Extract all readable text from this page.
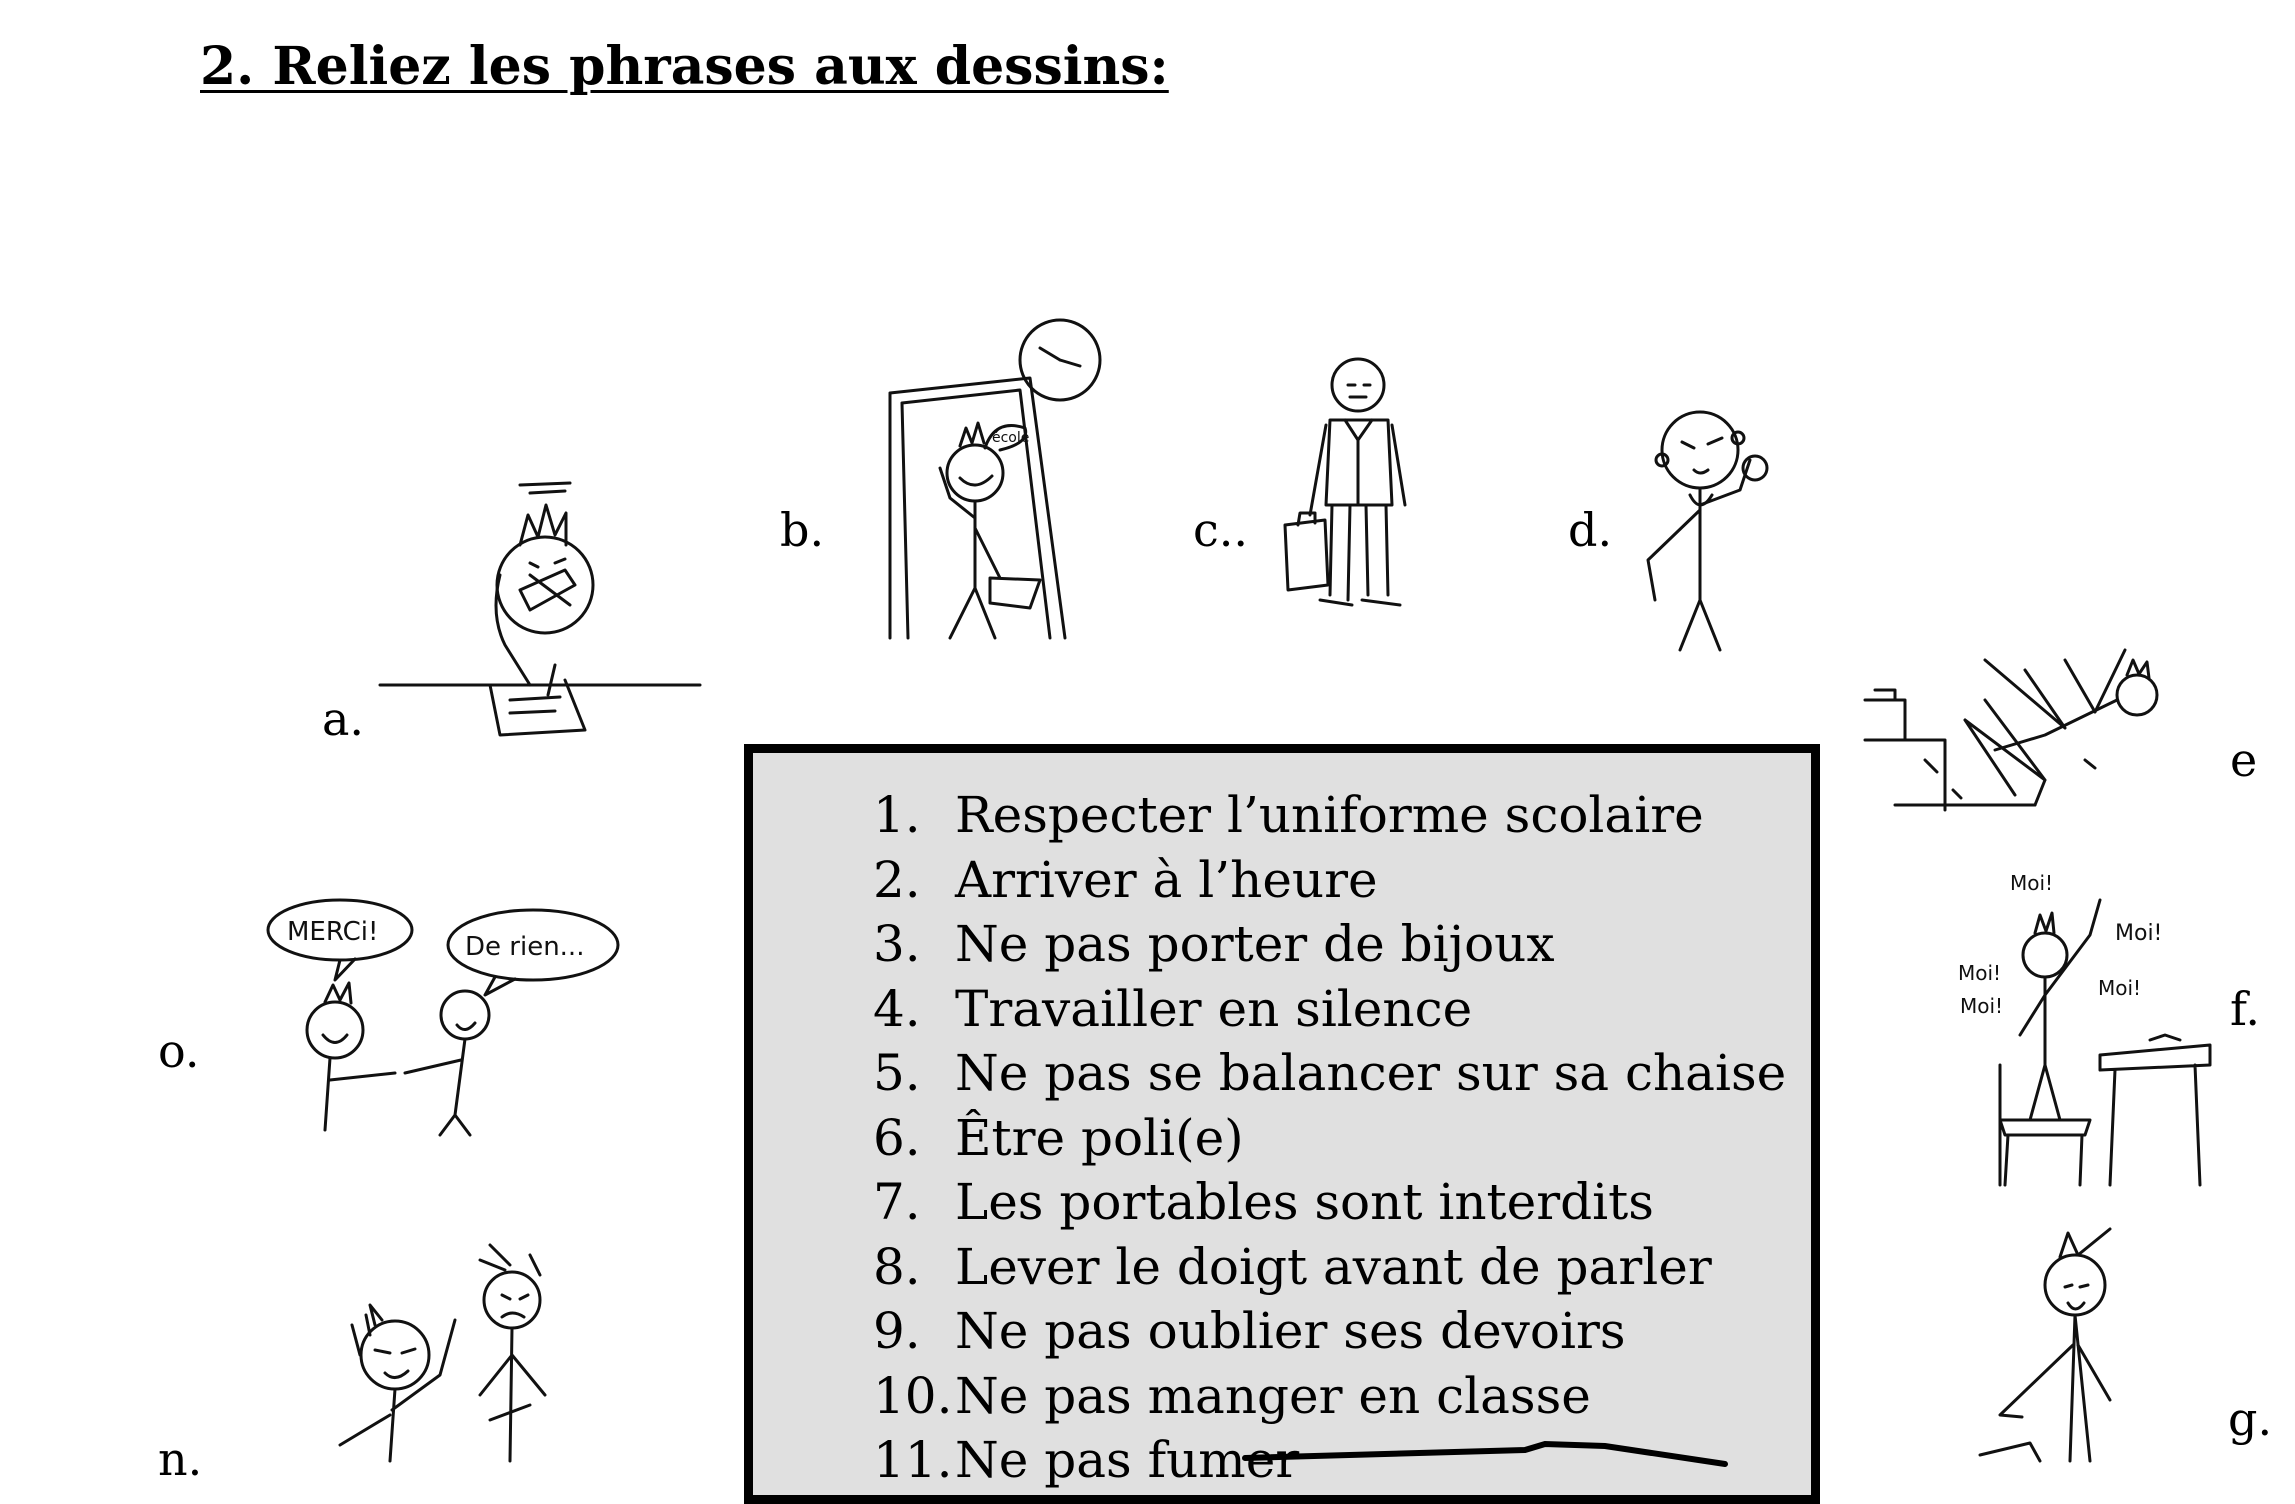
2. Reliez les phrases aux dessins:
a.
b.	c..	d.
e
f.
g.
n.
o.
école
Moi!
Moi!
Moi!
Moi!
Moi!
MERCi!	De rien...
1. Respecter l’uniforme scolaire
2. Arriver à l’heure
3. Ne pas porter de bijoux
4. Travailler en silence
5. Ne pas se balancer sur sa chaise
6. Être poli(e)
7. Les portables sont interdits
8. Lever le doigt avant de parler
9. Ne pas oublier ses devoirs
10. Ne pas manger en classe
11. Ne pas fumer
